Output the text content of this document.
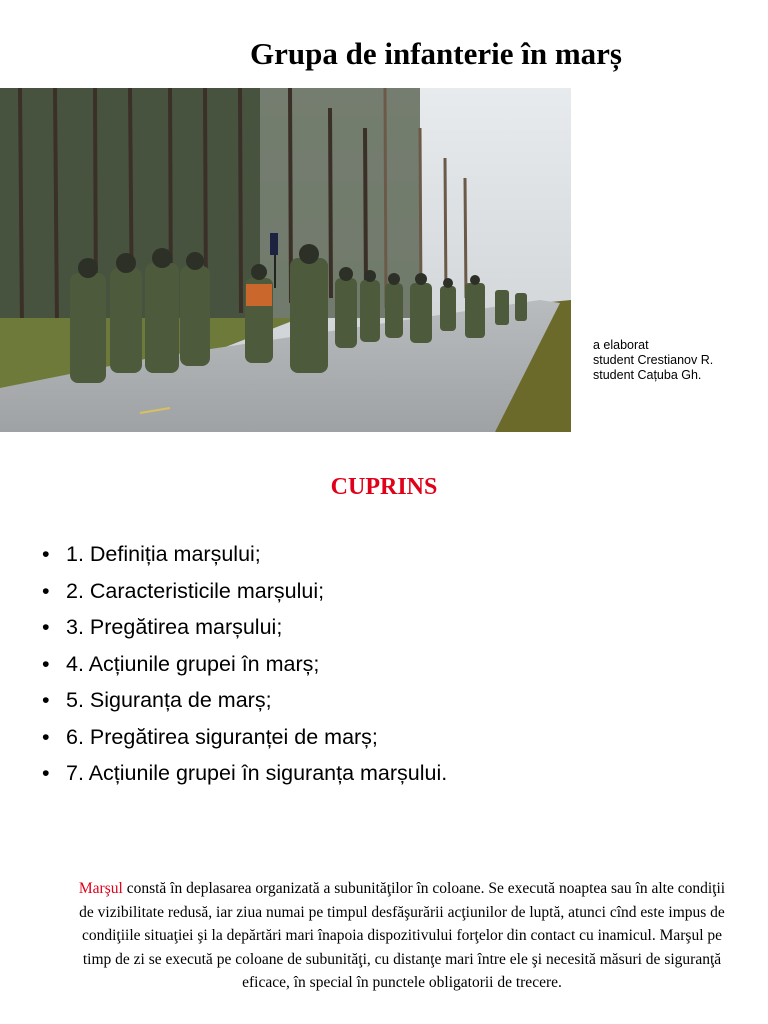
Grupa de infanterie în marș
a elaborat
student Crestianov R.
student Cațuba Gh.
CUPRINS
• 1. Definiția marșului;
• 2. Caracteristicile marșului;
• 3. Pregătirea marșului;
• 4. Acțiunile grupei în marș;
• 5. Siguranța de marș;
• 6. Pregătirea siguranței de marș;
• 7. Acțiunile grupei în siguranța marșului.
Marşul constă în deplasarea organizată a subunităţilor în coloane. Se execută noaptea sau în alte condiţii de vizibilitate redusă, iar ziua numai pe timpul desfăşurării acţiunilor de luptă, atunci cînd este impus de condiţiile situaţiei şi la depărtări mari înapoia dispozitivului forţelor din contact cu inamicul. Marşul pe timp de zi se execută pe coloane de subunităţi, cu distanţe mari între ele şi necesită măsuri de siguranţă eficace, în special în punctele obligatorii de trecere.
